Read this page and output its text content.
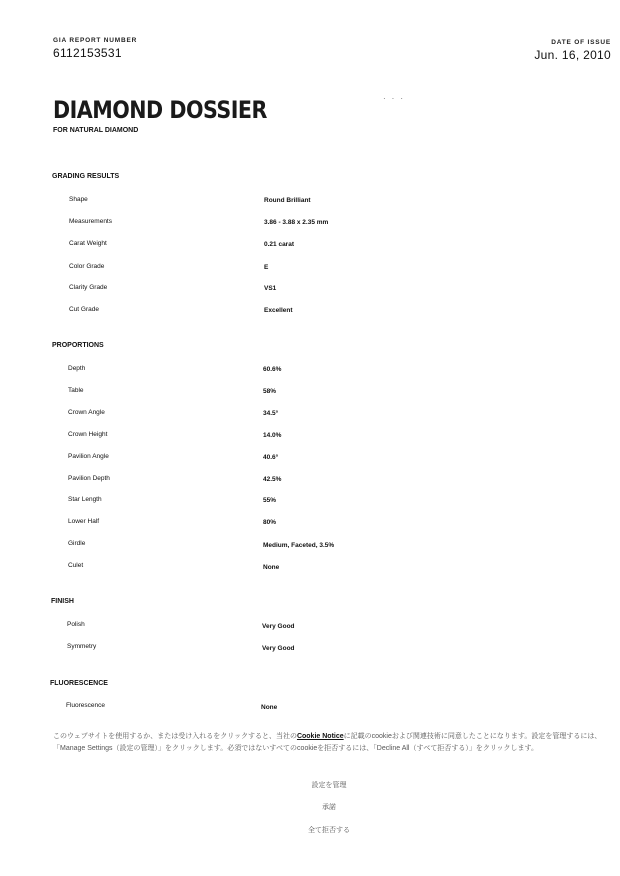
GIA REPORT NUMBER
6112153531
DATE OF ISSUE
Jun. 16, 2010
DIAMOND DOSSIER
FOR NATURAL DIAMOND
···
GRADING RESULTS
Shape	Round Brilliant
Measurements	3.86 - 3.88 x 2.35 mm
Carat Weight	0.21 carat
Color Grade	E
Clarity Grade	VS1
Cut Grade	Excellent
PROPORTIONS
Depth	60.6%
Table	58%
Crown Angle	34.5°
Crown Height	14.0%
Pavilion Angle	40.6°
Pavilion Depth	42.5%
Star Length	55%
Lower Half	80%
Girdle	Medium, Faceted, 3.5%
Culet	None
FINISH
Polish	Very Good
Symmetry	Very Good
FLUORESCENCE
Fluorescence	None
このウェブサイトを使用するか、または受け入れるをクリックすると、当社のCookie Noticeに記載のcookieおよび関連技術に同意したことになります。設定を管理するには、「Manage Settings（設定の管理）」をクリックします。必須ではないすべてのcookieを拒否するには、「Decline All（すべて拒否する）」をクリックします。
設定を管理
承諾
全て拒否する
